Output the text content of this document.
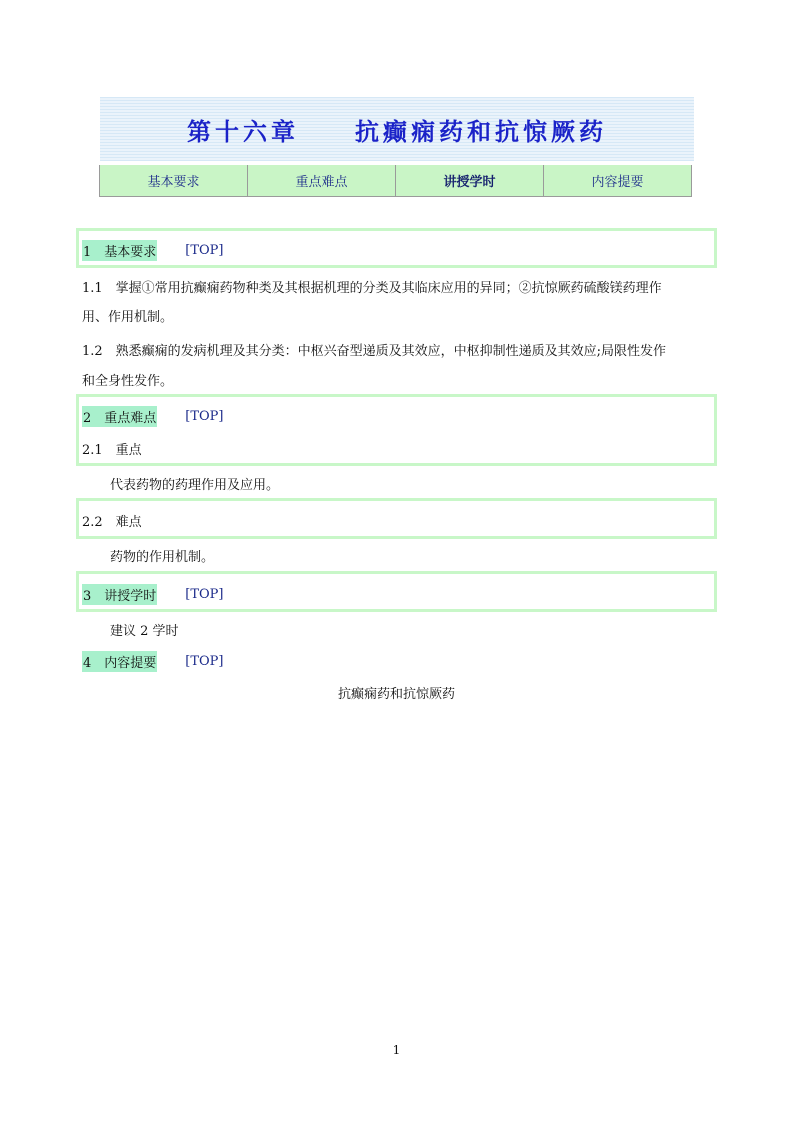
第十六章　　抗癫痫药和抗惊厥药
基本要求	重点难点	讲授学时	内容提要
1　基本要求 [TOP]
1.1　掌握①常用抗癫痫药物种类及其根据机理的分类及其临床应用的异同；②抗惊厥药硫酸镁药理作
用、作用机制。
1.2　熟悉癫痫的发病机理及其分类：中枢兴奋型递质及其效应，中枢抑制性递质及其效应;局限性发作
和全身性发作。
2　重点难点 [TOP]
2.1　重点
代表药物的药理作用及应用。
2.2　难点
药物的作用机制。
3　讲授学时 [TOP]
建议 2 学时
4　内容提要 [TOP]
抗癫痫药和抗惊厥药
1
